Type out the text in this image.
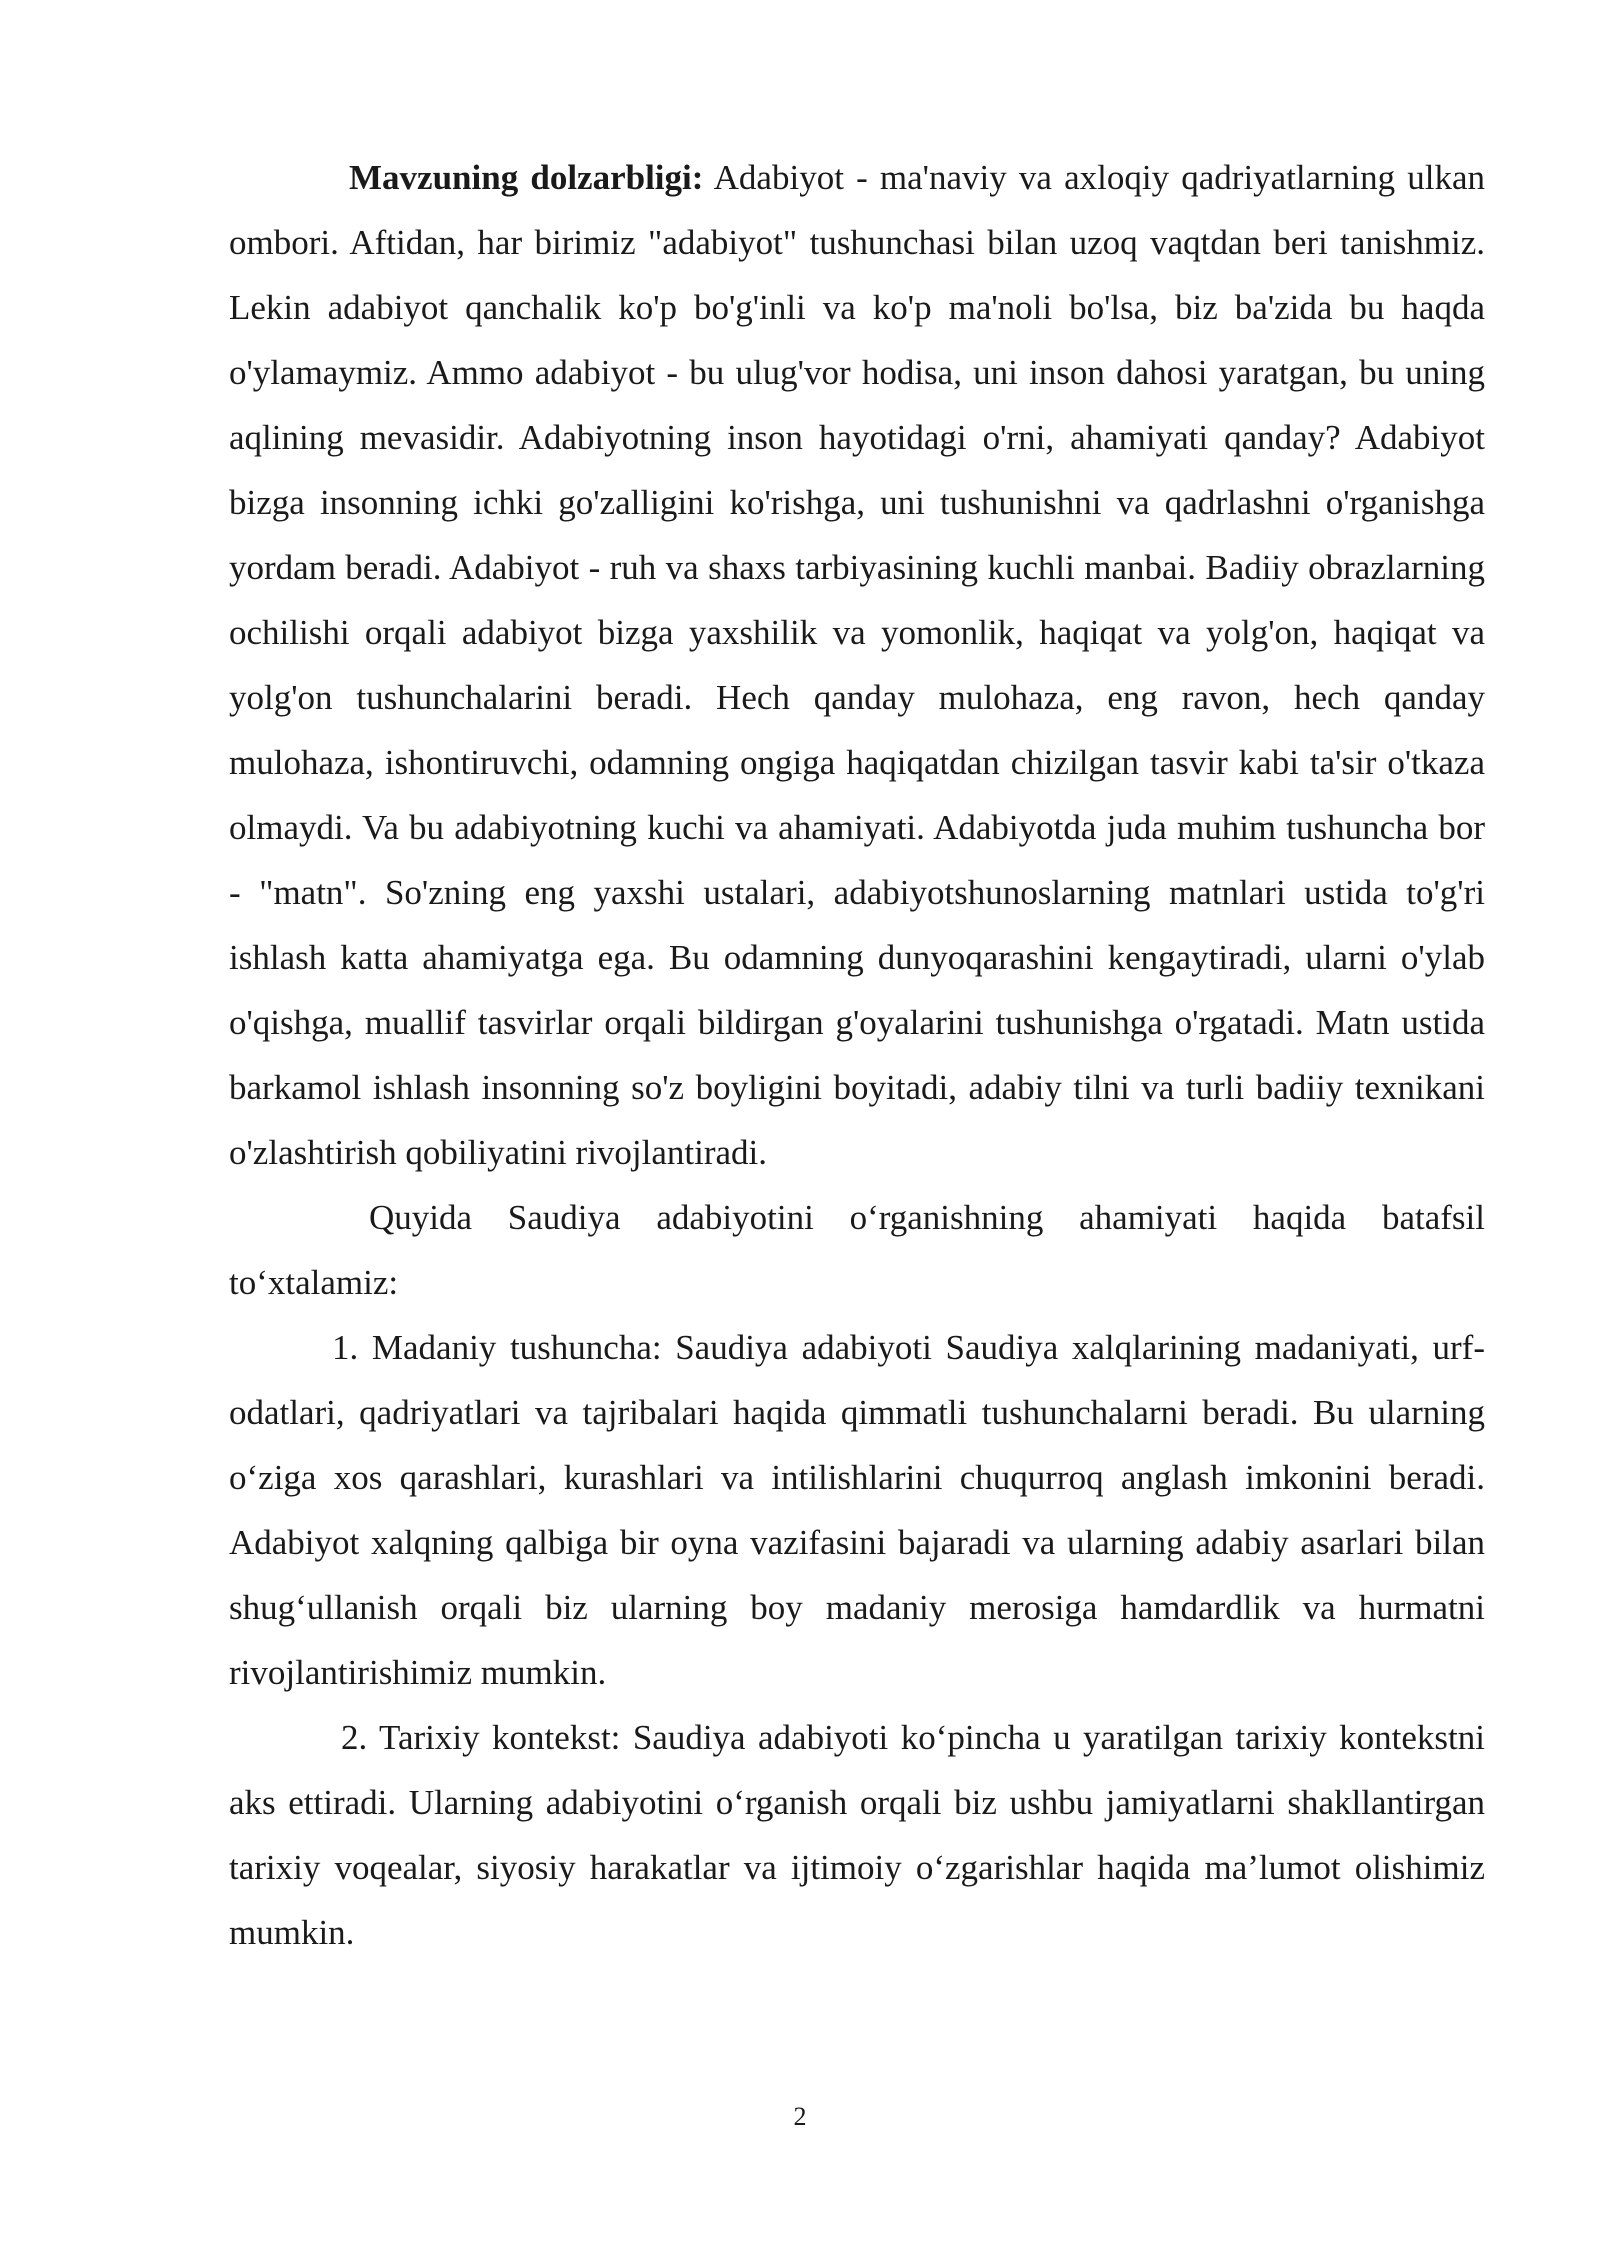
Mavzuning dolzarbligi: Adabiyot - ma'naviy va axloqiy qadriyatlarning ulkan ombori. Aftidan, har birimiz "adabiyot" tushunchasi bilan uzoq vaqtdan beri tanishmiz. Lekin adabiyot qanchalik ko'p bo'g'inli va ko'p ma'noli bo'lsa, biz ba'zida bu haqda o'ylamaymiz. Ammo adabiyot - bu ulug'vor hodisa, uni inson dahosi yaratgan, bu uning aqlining mevasidir. Adabiyotning inson hayotidagi o'rni, ahamiyati qanday? Adabiyot bizga insonning ichki go'zalligini ko'rishga, uni tushunishni va qadrlashni o'rganishga yordam beradi. Adabiyot - ruh va shaxs tarbiyasining kuchli manbai. Badiiy obrazlarning ochilishi orqali adabiyot bizga yaxshilik va yomonlik, haqiqat va yolg'on, haqiqat va yolg'on tushunchalarini beradi. Hech qanday mulohaza, eng ravon, hech qanday mulohaza, ishontiruvchi, odamning ongiga haqiqatdan chizilgan tasvir kabi ta'sir o'tkaza olmaydi. Va bu adabiyotning kuchi va ahamiyati. Adabiyotda juda muhim tushuncha bor - "matn". So'zning eng yaxshi ustalari, adabiyotshunoslarning matnlari ustida to'g'ri ishlash katta ahamiyatga ega. Bu odamning dunyoqarashini kengaytiradi, ularni o'ylab o'qishga, muallif tasvirlar orqali bildirgan g'oyalarini tushunishga o'rgatadi. Matn ustida barkamol ishlash insonning so'z boyligini boyitadi, adabiy tilni va turli badiiy texnikani o'zlashtirish qobiliyatini rivojlantiradi.

Quyida Saudiya adabiyotini o‘rganishning ahamiyati haqida batafsil to‘xtalamiz:

1. Madaniy tushuncha: Saudiya adabiyoti Saudiya xalqlarining madaniyati, urf-odatlari, qadriyatlari va tajribalari haqida qimmatli tushunchalarni beradi. Bu ularning o‘ziga xos qarashlari, kurashlari va intilishlarini chuqurroq anglash imkonini beradi. Adabiyot xalqning qalbiga bir oyna vazifasini bajaradi va ularning adabiy asarlari bilan shug‘ullanish orqali biz ularning boy madaniy merosiga hamdardlik va hurmatni rivojlantirishimiz mumkin.

2. Tarixiy kontekst: Saudiya adabiyoti ko‘pincha u yaratilgan tarixiy kontekstni aks ettiradi. Ularning adabiyotini o‘rganish orqali biz ushbu jamiyatlarni shakllantirgan tarixiy voqealar, siyosiy harakatlar va ijtimoiy o‘zgarishlar haqida ma’lumot olishimiz mumkin.

2
